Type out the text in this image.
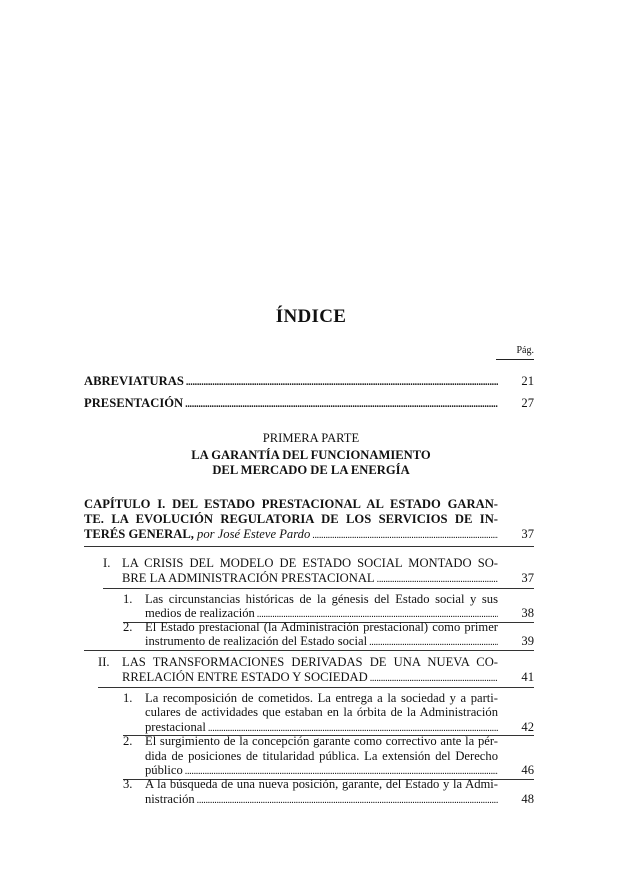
ÍNDICE
Pág.
ABREVIATURAS . . .	21
PRESENTACIÓN . . .	27
PRIMERA PARTE
LA GARANTÍA DEL FUNCIONAMIENTO
DEL MERCADO DE LA ENERGÍA
CAPÍTULO I. DEL ESTADO PRESTACIONAL AL ESTADO GARAN-
TE. LA EVOLUCIÓN REGULATORIA DE LOS SERVICIOS DE IN-
TERÉS GENERAL, por José Esteve Pardo . . .	37
I. LA CRISIS DEL MODELO DE ESTADO SOCIAL MONTADO SO-
BRE LA ADMINISTRACIÓN PRESTACIONAL . . .	37
1. Las circunstancias históricas de la génesis del Estado social y sus
medios de realización . . .	38
2. El Estado prestacional (la Administración prestacional) como primer
instrumento de realización del Estado social . . .	39
II. LAS TRANSFORMACIONES DERIVADAS DE UNA NUEVA CO-
RRELACIÓN ENTRE ESTADO Y SOCIEDAD . . .	41
1. La recomposición de cometidos. La entrega a la sociedad y a parti-
culares de actividades que estaban en la órbita de la Administración
prestacional . . .	42
2. El surgimiento de la concepción garante como correctivo ante la pér-
dida de posiciones de titularidad pública. La extensión del Derecho
público . . .	46
3. A la búsqueda de una nueva posición, garante, del Estado y la Admi-
nistración . . .	48
